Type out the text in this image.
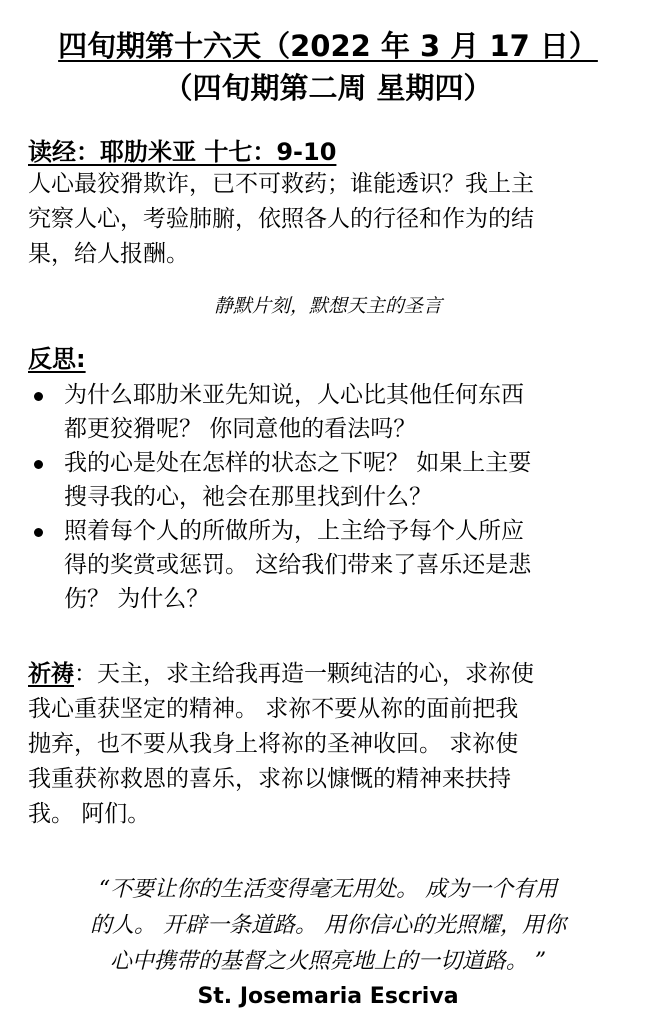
四旬期第十六天（2022 年 3 月 17 日）
（四旬期第二周 星期四）
读经：耶肋米亚 十七：9-10
人心最狡猾欺诈，已不可救药；谁能透识？我上主
究察人心，考验肺腑，依照各人的行径和作为的结
果，给人报酬。
静默片刻，默想天主的圣言
反思:
为什么耶肋米亚先知说，人心比其他任何东西
都更狡猾呢？ 你同意他的看法吗？
我的心是处在怎样的状态之下呢？ 如果上主要
搜寻我的心，祂会在那里找到什么？
照着每个人的所做所为，上主给予每个人所应
得的奖赏或惩罚。 这给我们带来了喜乐还是悲
伤？ 为什么？
祈祷：天主，求主给我再造一颗纯洁的心，求祢使
我心重获坚定的精神。 求祢不要从祢的面前把我
抛弃，也不要从我身上将祢的圣神收回。 求祢使
我重获祢救恩的喜乐，求祢以慷慨的精神来扶持
我。 阿们。
“不要让你的生活变得毫无用处。 成为一个有用
的人。 开辟一条道路。 用你信心的光照耀，用你
心中携带的基督之火照亮地上的一切道路。 ”
St. Josemaria Escriva
